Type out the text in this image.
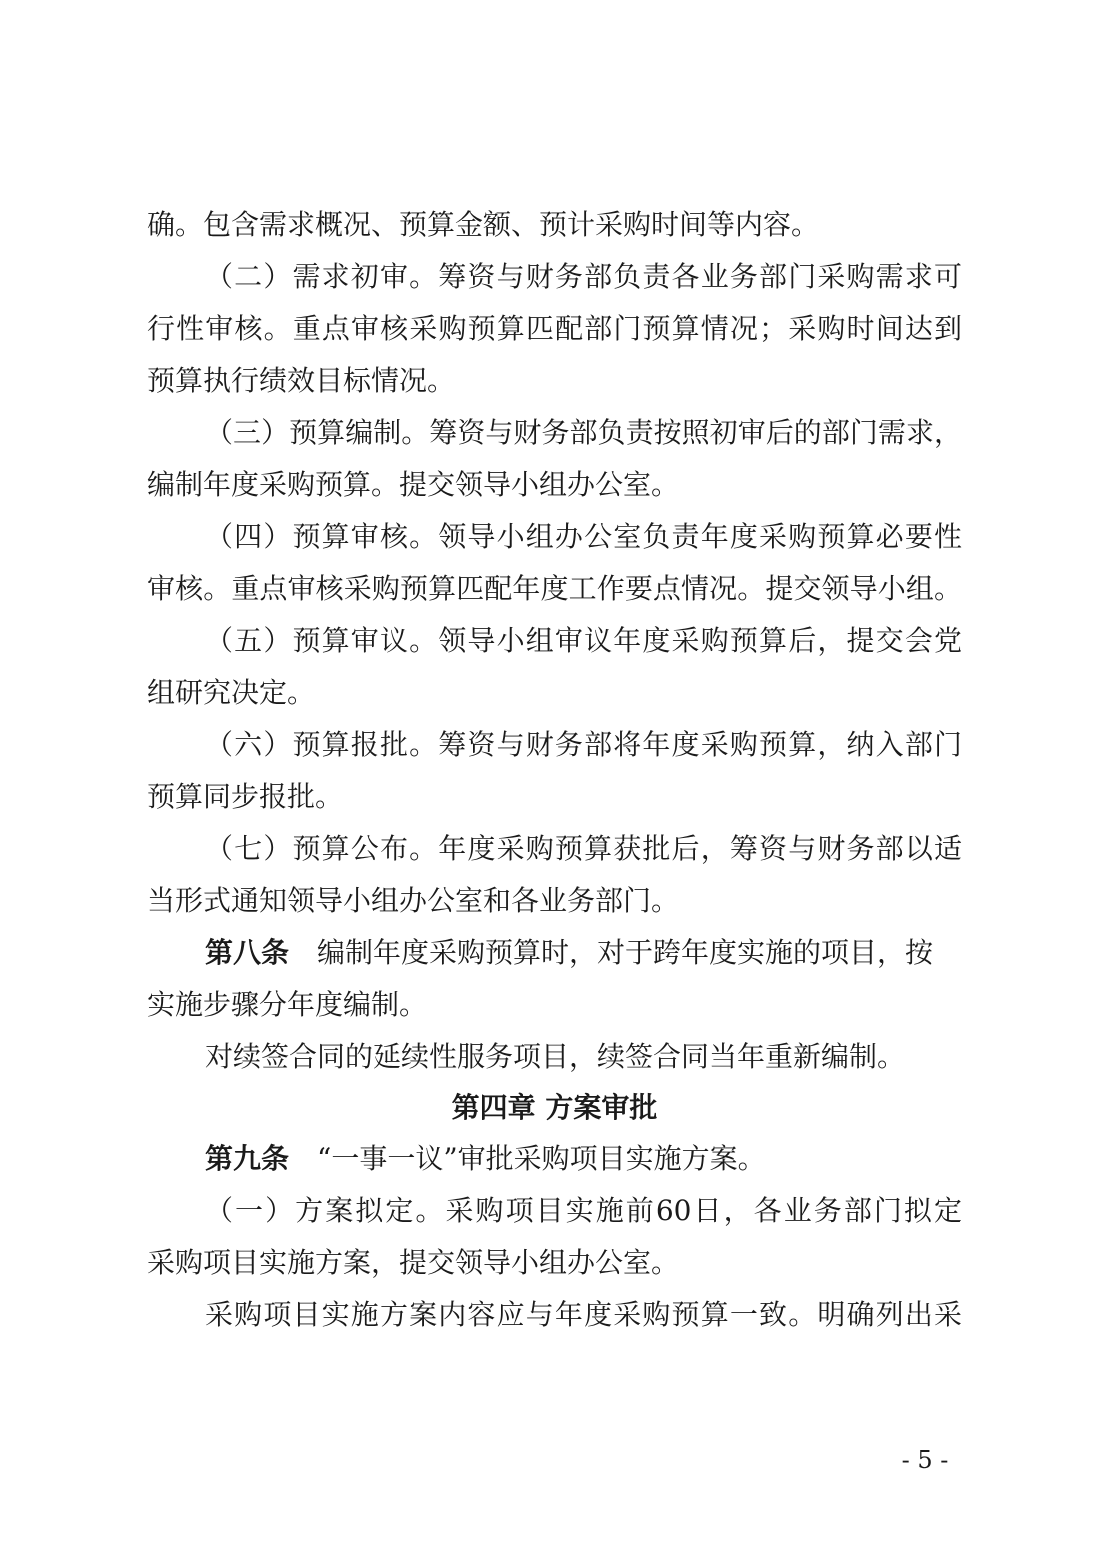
确。包含需求概况、预算金额、预计采购时间等内容。
（二）需求初审。筹资与财务部负责各业务部门采购需求可
行性审核。重点审核采购预算匹配部门预算情况；采购时间达到
预算执行绩效目标情况。
（三）预算编制。筹资与财务部负责按照初审后的部门需求，
编制年度采购预算。提交领导小组办公室。
（四）预算审核。领导小组办公室负责年度采购预算必要性
审核。重点审核采购预算匹配年度工作要点情况。提交领导小组。
（五）预算审议。领导小组审议年度采购预算后，提交会党
组研究决定。
（六）预算报批。筹资与财务部将年度采购预算，纳入部门
预算同步报批。
（七）预算公布。年度采购预算获批后，筹资与财务部以适
当形式通知领导小组办公室和各业务部门。
第八条　编制年度采购预算时，对于跨年度实施的项目，按
实施步骤分年度编制。
对续签合同的延续性服务项目，续签合同当年重新编制。
第四章 方案审批
第九条　“一事一议”审批采购项目实施方案。
（一）方案拟定。采购项目实施前60日，各业务部门拟定
采购项目实施方案，提交领导小组办公室。
采购项目实施方案内容应与年度采购预算一致。明确列出采
- 5 -
